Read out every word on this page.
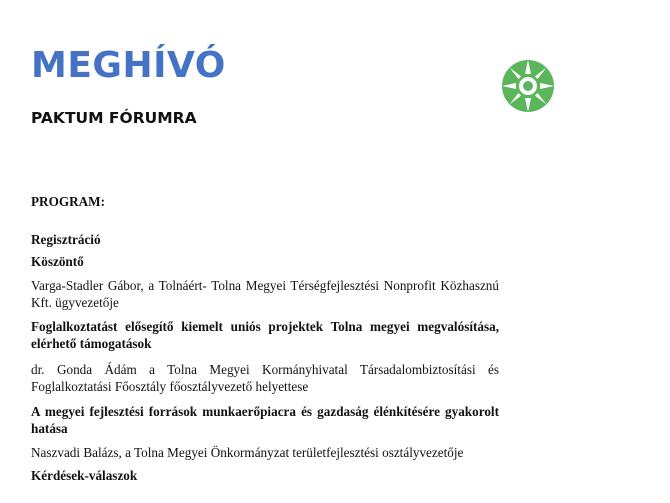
MEGHÍVÓ
PAKTUM FÓRUMRA

PROGRAM:

Regisztráció

Köszöntő

Varga-Stadler Gábor, a Tolnáért- Tolna Megyei Térségfejlesztési Nonprofit Közhasznú Kft. ügyvezetője

Foglalkoztatást elősegítő kiemelt uniós projektek Tolna megyei megvalósítása, elérhető támogatások

dr. Gonda Ádám a Tolna Megyei Kormányhivatal Társadalombiztosítási és Foglalkoztatási Főosztály főosztályvezető helyettese

A megyei fejlesztési források munkaerőpiacra és gazdaság élénkítésére gyakorolt hatása

Naszvadi Balázs, a Tolna Megyei Önkormányzat területfejlesztési osztályvezetője

Kérdések-válaszok
